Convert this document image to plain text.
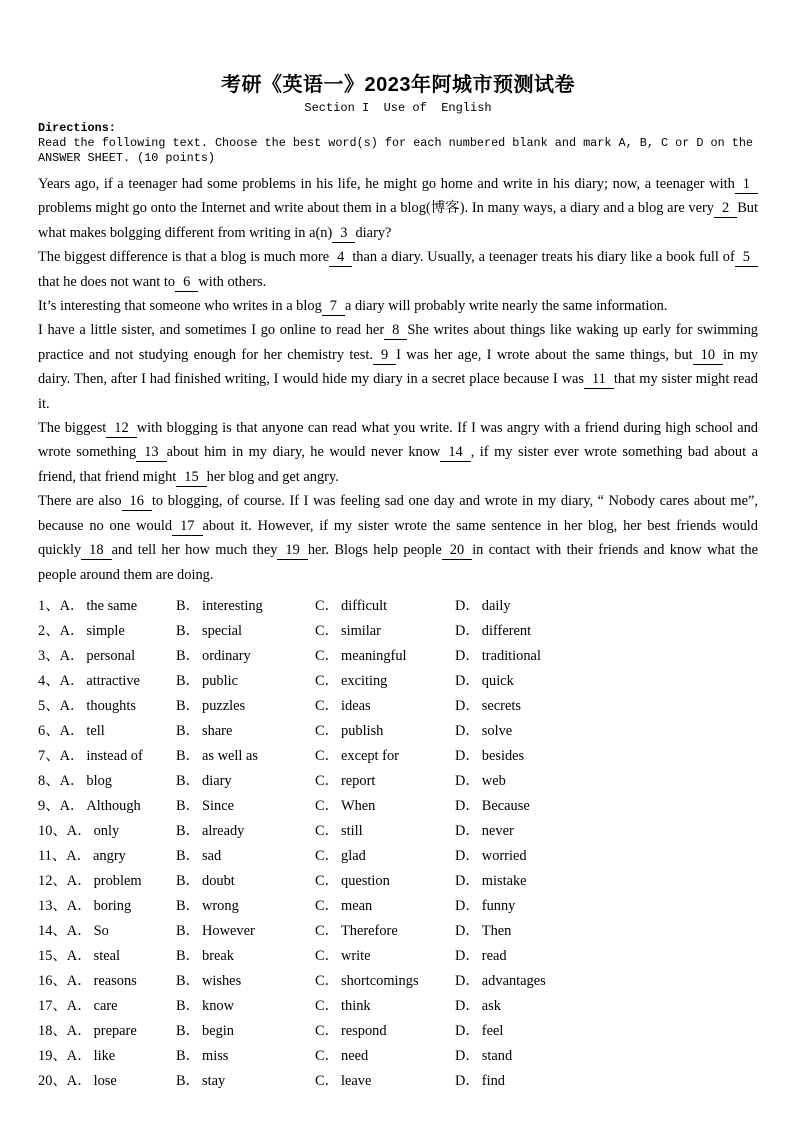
考研《英语一》2023年阿城市预测试卷
Section I  Use of  English
Directions:
Read the following text. Choose the best word(s) for each numbered blank and mark A, B, C or D on the ANSWER SHEET. (10 points)

Years ago, if a teenager had some problems in his life, he might go home and write in his diary; now, a teenager with 1problems might go onto the Internet and write about them in a blog(博客). In many ways, a diary and a blog are very 2 But what makes bolgging different from writing in a(n) 3 diary?

The biggest difference is that a blog is much more 4 than a diary. Usually, a teenager treats his diary like a book full of 5that he does not want to 6 with others.

It’s interesting that someone who writes in a blog 7 a diary will probably write nearly the same information.

I have a little sister, and sometimes I go online to read her 8 She writes about things like waking up early for swimming practice and not studying enough for her chemistry test. 9 I was her age, I wrote about the same things, but 10 in my dairy. Then, after I had finished writing, I would hide my diary in a secret place because I was 11 that my sister might read it.

The biggest 12 with blogging is that anyone can read what you write. If I was angry with a friend during high school and wrote something 13 about him in my diary, he would never know 14 , if my sister ever wrote something bad about a friend, that friend might 15 her blog and get angry.

There are also 16 to blogging, of course. If I was feeling sad one day and wrote in my diary, “ Nobody cares about me”, because no one would 17 about it. However, if my sister wrote the same sentence in her blog, her best friends would quickly 18 and tell her how much they 19 her. Blogs help people 20 in contact with their friends and know what the people around them are doing.

1、A． the same	B． interesting	C． difficult	D． daily
2、A． simple	B． special	C． similar	D． different
3、A． personal	B． ordinary	C． meaningful	D． traditional
4、A． attractive	B． public	C． exciting	D． quick
5、A． thoughts	B． puzzles	C． ideas	D． secrets
6、A． tell	B． share	C． publish	D． solve
7、A． instead of	B． as well as	C． except for	D． besides
8、A． blog	B． diary	C． report	D． web
9、A． Although	B． Since	C． When	D． Because
10、A． only	B． already	C． still	D． never
11、A． angry	B． sad	C． glad	D． worried
12、A． problem	B． doubt	C． question	D． mistake
13、A． boring	B． wrong	C． mean	D． funny
14、A． So	B． However	C． Therefore	D． Then
15、A． steal	B． break	C． write	D． read
16、A． reasons	B． wishes	C． shortcomings	D． advantages
17、A． care	B． know	C． think	D． ask
18、A． prepare	B． begin	C． respond	D． feel
19、A． like	B． miss	C． need	D． stand
20、A． lose	B． stay	C． leave	D． find
